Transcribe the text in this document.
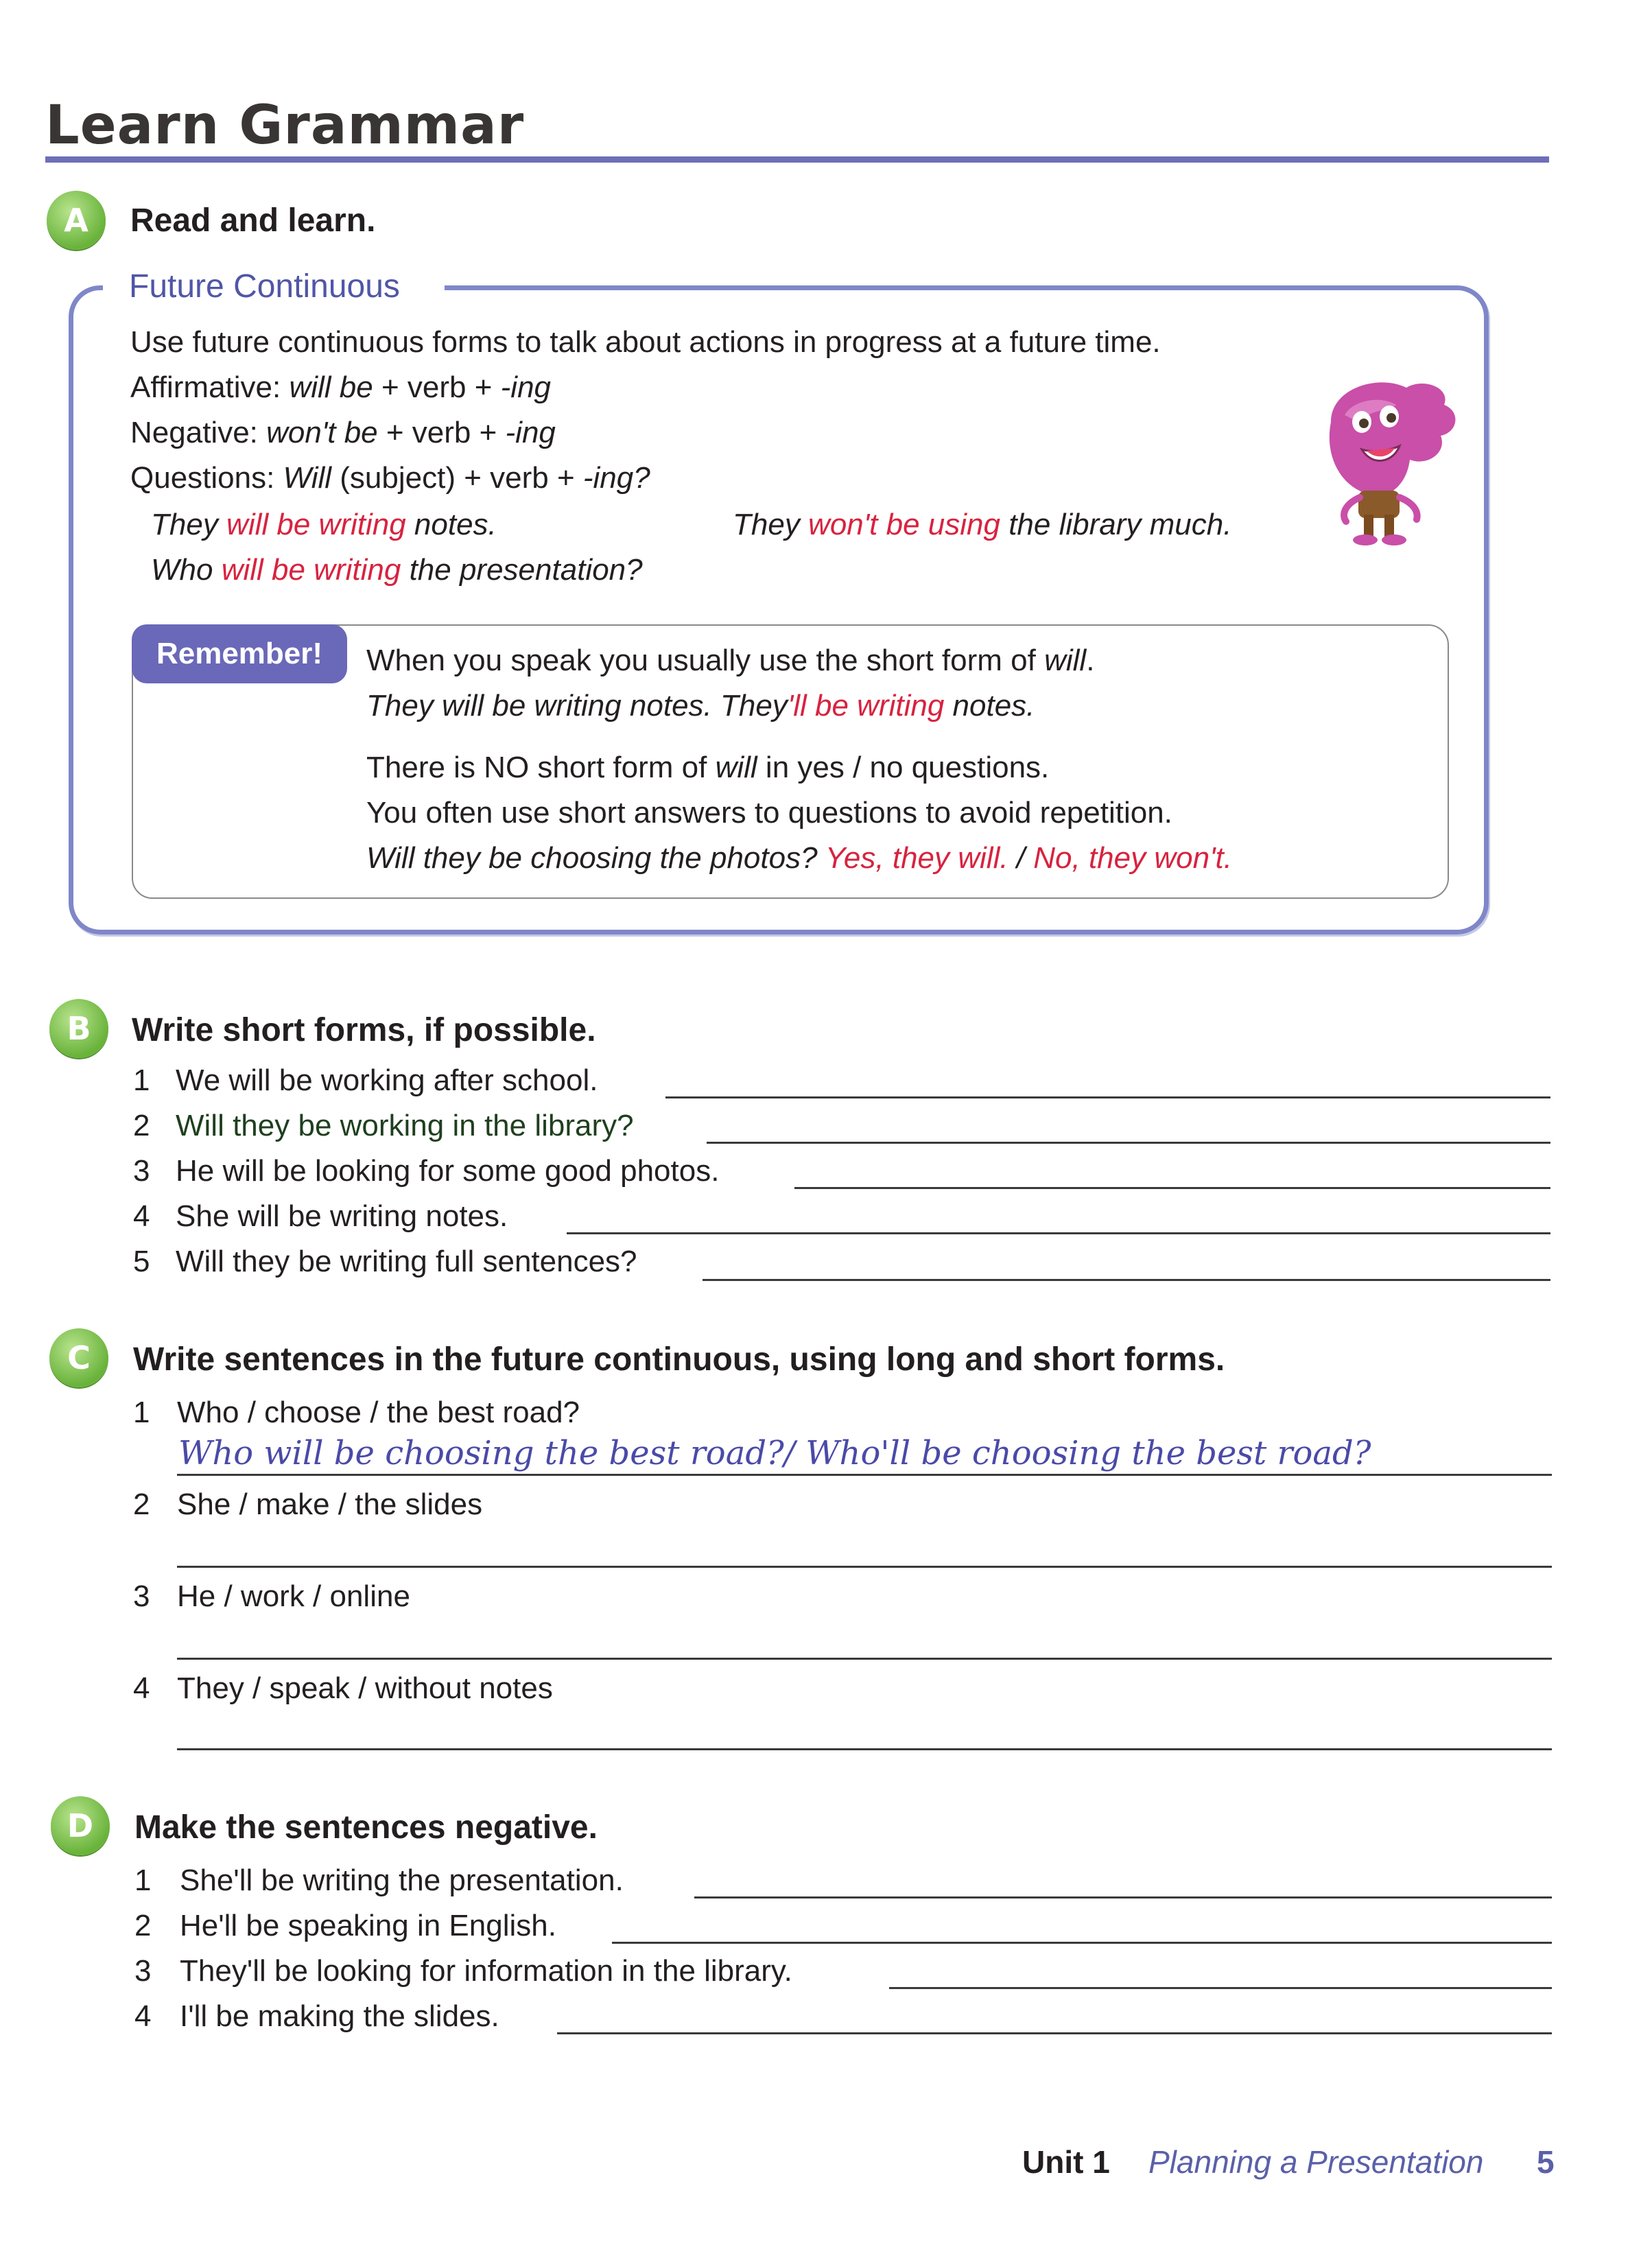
Learn Grammar
A	Read and learn.
Future Continuous
Use future continuous forms to talk about actions in progress at a future time.
Affirmative: will be + verb + -ing
Negative: won't be + verb + -ing
Questions: Will (subject) + verb + -ing?
They will be writing notes.	They won't be using the library much.
Who will be writing the presentation?
Remember!	When you speak you usually use the short form of will.
They will be writing notes. They'll be writing notes.
There is NO short form of will in yes / no questions.
You often use short answers to questions to avoid repetition.
Will they be choosing the photos? Yes, they will. / No, they won't.
B	Write short forms, if possible.
1 We will be working after school.
2 Will they be working in the library?
3 He will be looking for some good photos.
4 She will be writing notes.
5 Will they be writing full sentences?
C	Write sentences in the future continuous, using long and short forms.
1 Who / choose / the best road?
Who will be choosing the best road?/ Who'll be choosing the best road?
2 She / make / the slides
3 He / work / online
4 They / speak / without notes
D	Make the sentences negative.
1 She'll be writing the presentation.
2 He'll be speaking in English.
3 They'll be looking for information in the library.
4 I'll be making the slides.
Unit 1 Planning a Presentation 5
